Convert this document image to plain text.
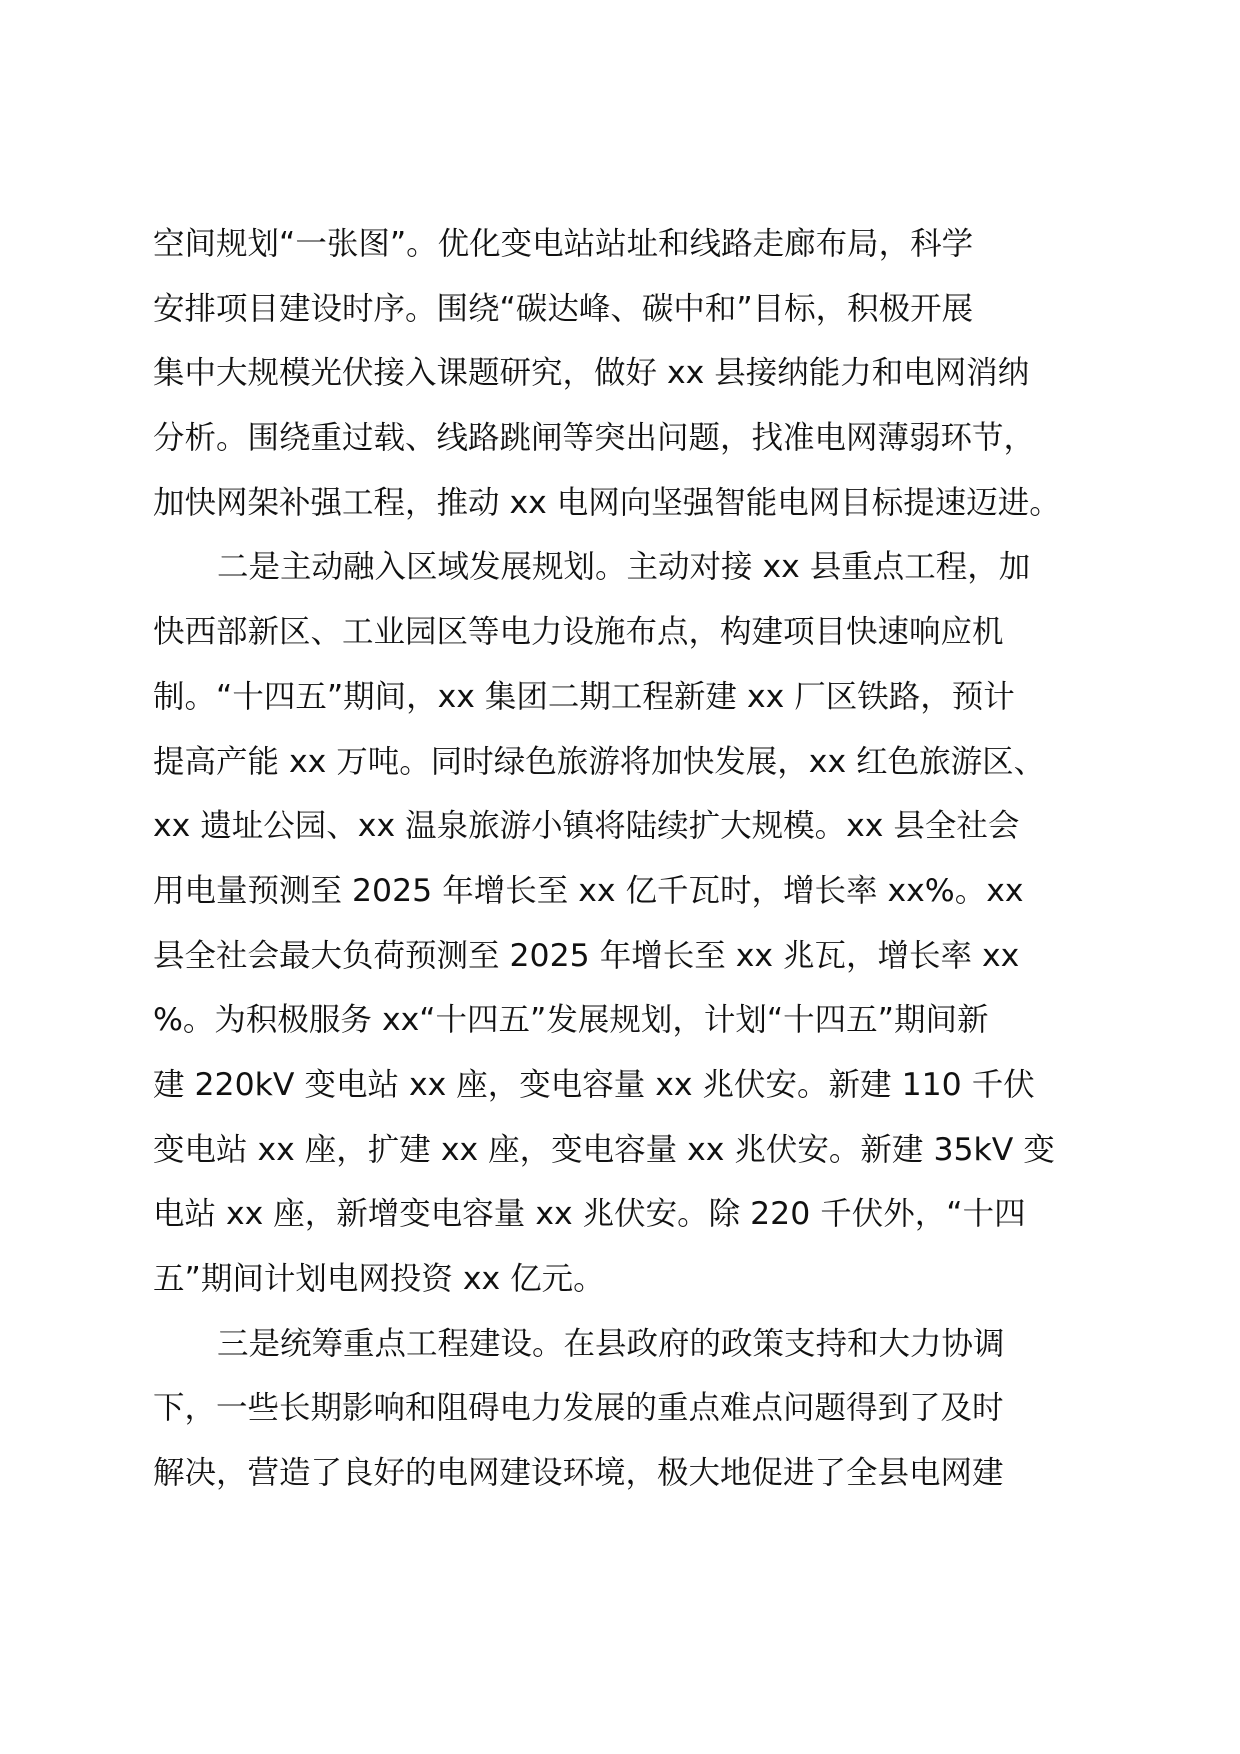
空间规划“一张图”。优化变电站站址和线路走廊布局，科学
安排项目建设时序。围绕“碳达峰、碳中和”目标，积极开展
集中大规模光伏接入课题研究，做好 xx 县接纳能力和电网消纳
分析。围绕重过载、线路跳闸等突出问题，找准电网薄弱环节，
加快网架补强工程，推动 xx 电网向坚强智能电网目标提速迈进。
二是主动融入区域发展规划。主动对接 xx 县重点工程，加
快西部新区、工业园区等电力设施布点，构建项目快速响应机
制。“十四五”期间，xx 集团二期工程新建 xx 厂区铁路，预计
提高产能 xx 万吨。同时绿色旅游将加快发展，xx 红色旅游区、
xx 遗址公园、xx 温泉旅游小镇将陆续扩大规模。xx 县全社会
用电量预测至 2025 年增长至 xx 亿千瓦时，增长率 xx%。xx
县全社会最大负荷预测至 2025 年增长至 xx 兆瓦，增长率 xx
%。为积极服务 xx“十四五”发展规划，计划“十四五”期间新
建 220kV 变电站 xx 座，变电容量 xx 兆伏安。新建 110 千伏
变电站 xx 座，扩建 xx 座，变电容量 xx 兆伏安。新建 35kV 变
电站 xx 座，新增变电容量 xx 兆伏安。除 220 千伏外，“十四
五”期间计划电网投资 xx 亿元。
三是统筹重点工程建设。在县政府的政策支持和大力协调
下，一些长期影响和阻碍电力发展的重点难点问题得到了及时
解决，营造了良好的电网建设环境，极大地促进了全县电网建
